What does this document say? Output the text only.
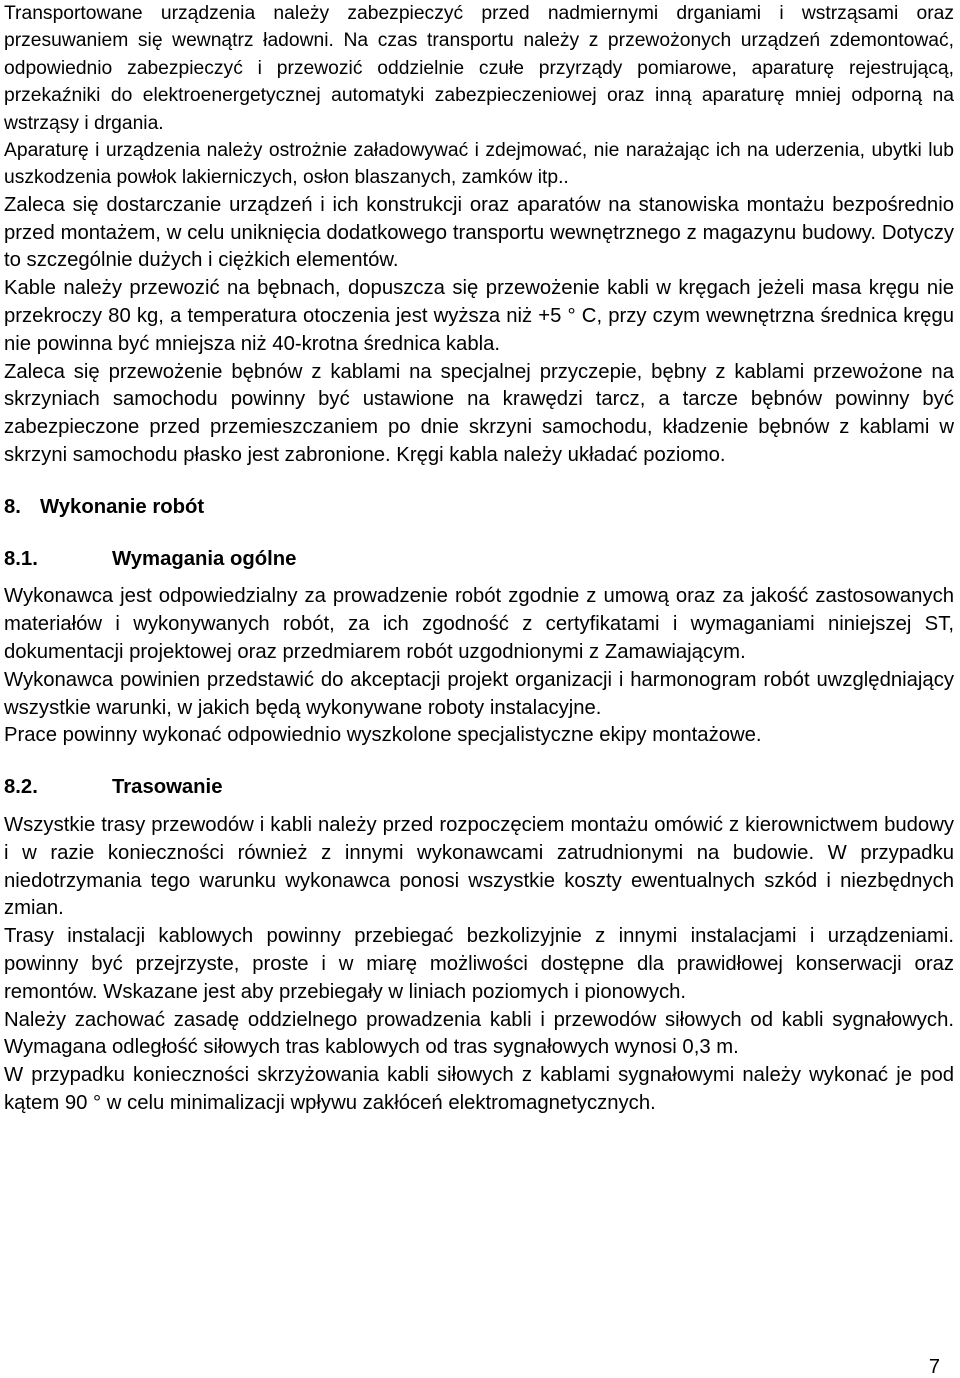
Transportowane urządzenia należy zabezpieczyć przed nadmiernymi drganiami i wstrząsami oraz przesuwaniem się wewnątrz ładowni. Na czas transportu należy z przewożonych urządzeń zdemontować, odpowiednio zabezpieczyć i przewozić oddzielnie czułe przyrządy pomiarowe, aparaturę rejestrującą, przekaźniki do elektroenergetycznej automatyki zabezpieczeniowej oraz inną aparaturę mniej odporną na wstrząsy i drgania.

Aparaturę i urządzenia należy ostrożnie załadowywać i zdejmować, nie narażając ich na uderzenia, ubytki lub uszkodzenia powłok lakierniczych, osłon blaszanych, zamków itp..

Zaleca się dostarczanie urządzeń i ich konstrukcji oraz aparatów na stanowiska montażu bezpośrednio przed montażem, w celu uniknięcia dodatkowego transportu wewnętrznego z magazynu budowy. Dotyczy to szczególnie dużych i ciężkich elementów.

Kable należy przewozić na bębnach, dopuszcza się przewożenie kabli w kręgach jeżeli masa kręgu nie przekroczy 80 kg, a temperatura otoczenia jest wyższa niż +5 ° C, przy czym wewnętrzna średnica kręgu nie powinna być mniejsza niż 40-krotna średnica kabla.

Zaleca się przewożenie bębnów z kablami na specjalnej przyczepie, bębny z kablami przewożone na skrzyniach samochodu powinny być ustawione na krawędzi tarcz, a tarcze bębnów powinny być zabezpieczone przed przemieszczaniem po dnie skrzyni samochodu, kładzenie bębnów z kablami w skrzyni samochodu płasko jest zabronione. Kręgi kabla należy układać poziomo.

8. Wykonanie robót
8.1.	Wymagania ogólne

Wykonawca jest odpowiedzialny za prowadzenie robót zgodnie z umową oraz za jakość zastosowanych materiałów i wykonywanych robót, za ich zgodność z certyfikatami i wymaganiami niniejszej ST, dokumentacji projektowej oraz przedmiarem robót uzgodnionymi z Zamawiającym.

Wykonawca powinien przedstawić do akceptacji projekt organizacji i harmonogram robót uwzględniający wszystkie warunki, w jakich będą wykonywane roboty instalacyjne.

Prace powinny wykonać odpowiednio wyszkolone specjalistyczne ekipy montażowe.

8.2.	Trasowanie

Wszystkie trasy przewodów i kabli należy przed rozpoczęciem montażu omówić z kierownictwem budowy i w razie konieczności również z innymi wykonawcami zatrudnionymi na budowie. W przypadku niedotrzymania tego warunku wykonawca ponosi wszystkie koszty ewentualnych szkód i niezbędnych zmian.

Trasy instalacji kablowych powinny przebiegać bezkolizyjnie z innymi instalacjami i urządzeniami. powinny być przejrzyste, proste i w miarę możliwości dostępne dla prawidłowej konserwacji oraz remontów. Wskazane jest aby przebiegały w liniach poziomych i pionowych.

Należy zachować zasadę oddzielnego prowadzenia kabli i przewodów siłowych od kabli sygnałowych. Wymagana odległość siłowych tras kablowych od tras sygnałowych wynosi 0,3 m.

W przypadku konieczności skrzyżowania kabli siłowych z kablami sygnałowymi należy wykonać je pod kątem 90 ° w celu minimalizacji wpływu zakłóceń elektromagnetycznych.

7
